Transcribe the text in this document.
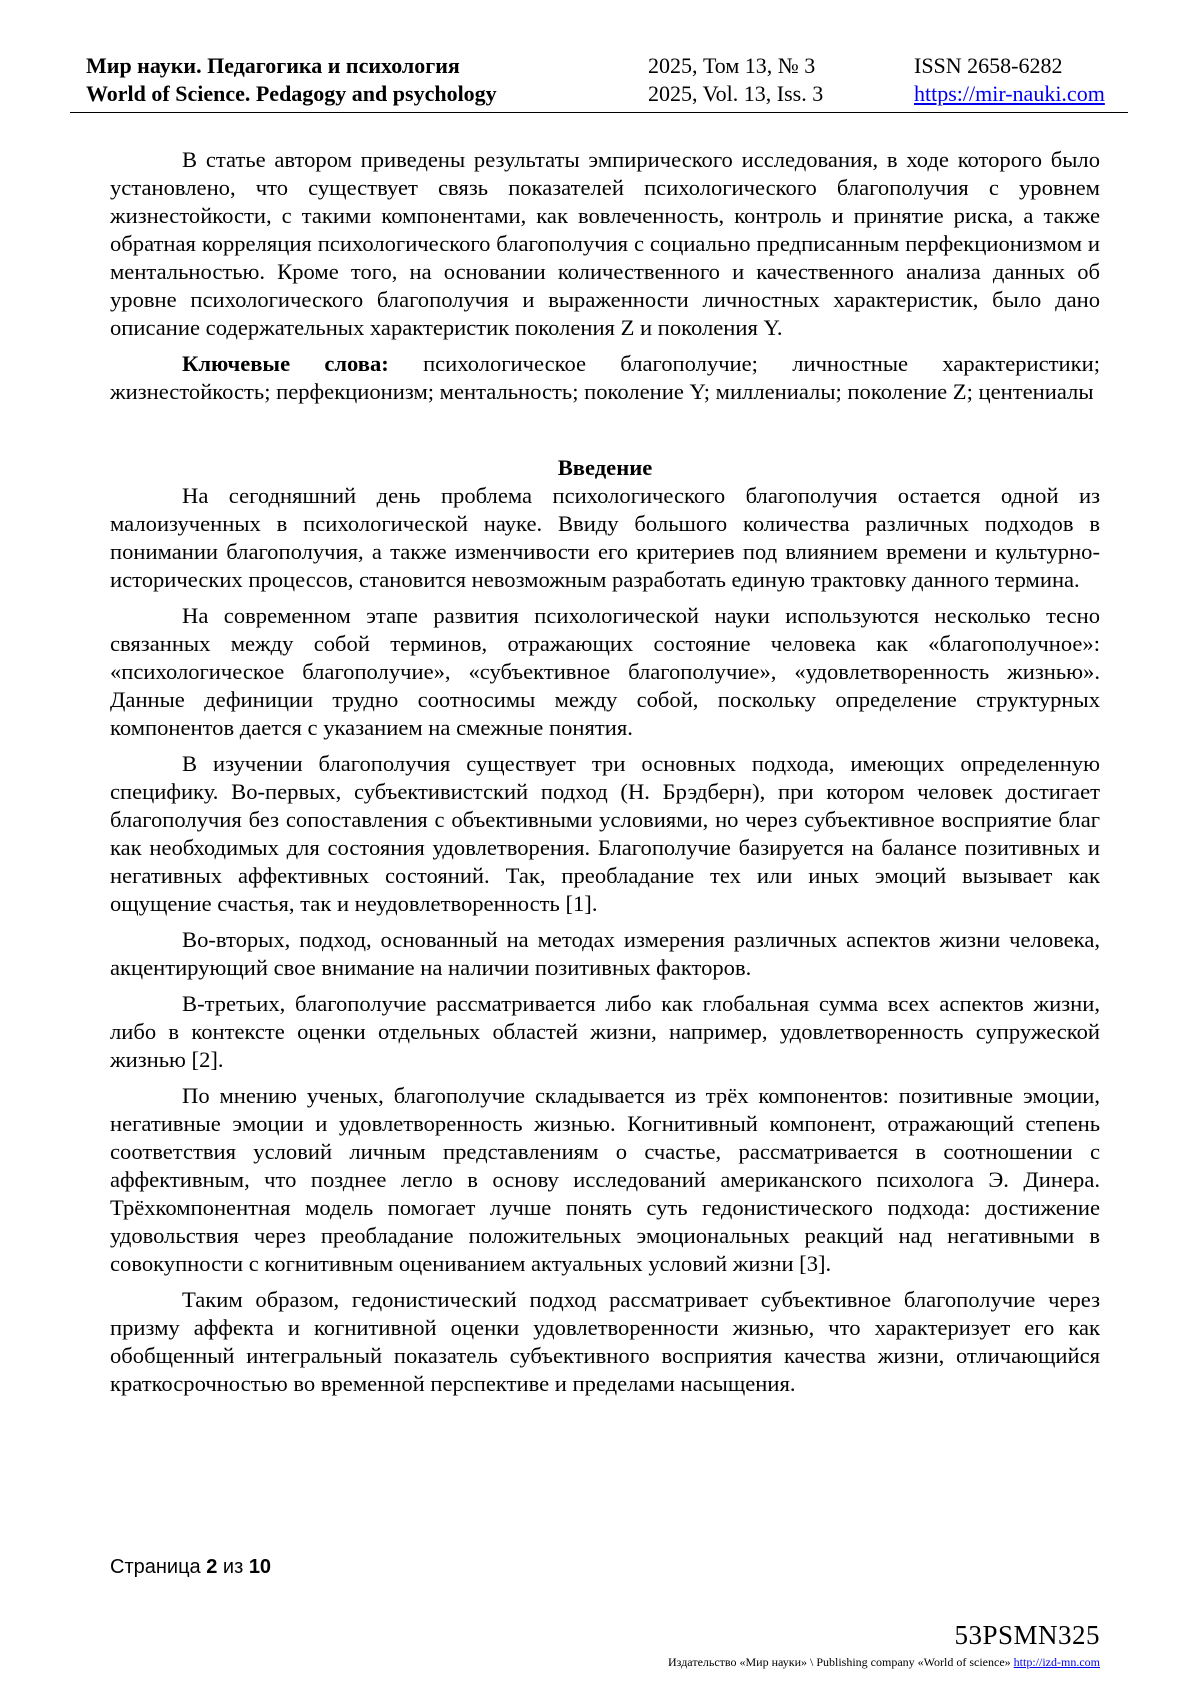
Мир науки. Педагогика и психология
World of Science. Pedagogy and psychology
2025, Том 13, № 3
2025, Vol. 13, Iss. 3
ISSN 2658-6282
https://mir-nauki.com

В статье автором приведены результаты эмпирического исследования, в ходе которого было установлено, что существует связь показателей психологического благополучия с уровнем жизнестойкости, с такими компонентами, как вовлеченность, контроль и принятие риска, а также обратная корреляция психологического благополучия с социально предписанным перфекционизмом и ментальностью. Кроме того, на основании количественного и качественного анализа данных об уровне психологического благополучия и выраженности личностных характеристик, было дано описание содержательных характеристик поколения Z и поколения Y.

Ключевые слова: психологическое благополучие; личностные характеристики; жизнестойкость; перфекционизм; ментальность; поколение Y; миллениалы; поколение Z; центениалы

Введение

На сегодняшний день проблема психологического благополучия остается одной из малоизученных в психологической науке. Ввиду большого количества различных подходов в понимании благополучия, а также изменчивости его критериев под влиянием времени и культурно-исторических процессов, становится невозможным разработать единую трактовку данного термина.

На современном этапе развития психологической науки используются несколько тесно связанных между собой терминов, отражающих состояние человека как «благополучное»: «психологическое благополучие», «субъективное благополучие», «удовлетворенность жизнью». Данные дефиниции трудно соотносимы между собой, поскольку определение структурных компонентов дается с указанием на смежные понятия.

В изучении благополучия существует три основных подхода, имеющих определенную специфику. Во-первых, субъективистский подход (Н. Брэдберн), при котором человек достигает благополучия без сопоставления с объективными условиями, но через субъективное восприятие благ как необходимых для состояния удовлетворения. Благополучие базируется на балансе позитивных и негативных аффективных состояний. Так, преобладание тех или иных эмоций вызывает как ощущение счастья, так и неудовлетворенность [1].

Во-вторых, подход, основанный на методах измерения различных аспектов жизни человека, акцентирующий свое внимание на наличии позитивных факторов.

В-третьих, благополучие рассматривается либо как глобальная сумма всех аспектов жизни, либо в контексте оценки отдельных областей жизни, например, удовлетворенность супружеской жизнью [2].

По мнению ученых, благополучие складывается из трёх компонентов: позитивные эмоции, негативные эмоции и удовлетворенность жизнью. Когнитивный компонент, отражающий степень соответствия условий личным представлениям о счастье, рассматривается в соотношении с аффективным, что позднее легло в основу исследований американского психолога Э. Динера. Трёхкомпонентная модель помогает лучше понять суть гедонистического подхода: достижение удовольствия через преобладание положительных эмоциональных реакций над негативными в совокупности с когнитивным оцениванием актуальных условий жизни [3].

Таким образом, гедонистический подход рассматривает субъективное благополучие через призму аффекта и когнитивной оценки удовлетворенности жизнью, что характеризует его как обобщенный интегральный показатель субъективного восприятия качества жизни, отличающийся краткосрочностью во временной перспективе и пределами насыщения.

Страница 2 из 10
53PSMN325
Издательство «Мир науки» \ Publishing company «World of science» http://izd-mn.com
